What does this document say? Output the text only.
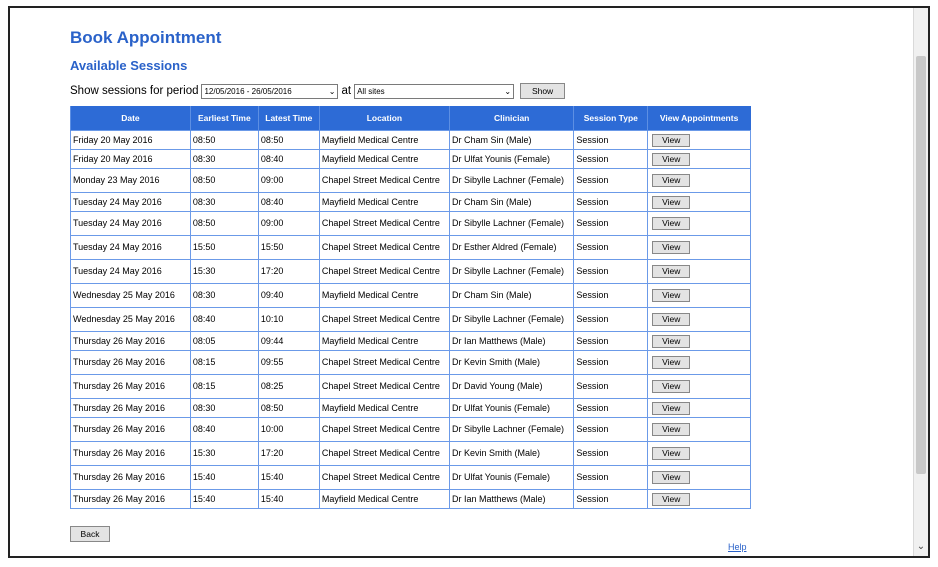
Book Appointment
Available Sessions
Show sessions for period 12/05/2016 - 26/05/2016	⌄ at All sites	⌄	Show
Date	Earliest Time	Latest Time	Location	Clinician	Session Type	View Appointments
Friday 20 May 2016	08:50	08:50	Mayfield Medical Centre	Dr Cham Sin (Male)	Session	View
Friday 20 May 2016	08:30	08:40	Mayfield Medical Centre	Dr Ulfat Younis (Female)	Session	View
Monday 23 May 2016	08:50	09:00	Chapel Street Medical Centre	Dr Sibylle Lachner (Female)	Session	View
Tuesday 24 May 2016	08:30	08:40	Mayfield Medical Centre	Dr Cham Sin (Male)	Session	View
Tuesday 24 May 2016	08:50	09:00	Chapel Street Medical Centre	Dr Sibylle Lachner (Female)	Session	View
Tuesday 24 May 2016	15:50	15:50	Chapel Street Medical Centre	Dr Esther Aldred (Female)	Session	View
Tuesday 24 May 2016	15:30	17:20	Chapel Street Medical Centre	Dr Sibylle Lachner (Female)	Session	View
Wednesday 25 May 2016	08:30	09:40	Mayfield Medical Centre	Dr Cham Sin (Male)	Session	View
Wednesday 25 May 2016	08:40	10:10	Chapel Street Medical Centre	Dr Sibylle Lachner (Female)	Session	View
Thursday 26 May 2016	08:05	09:44	Mayfield Medical Centre	Dr Ian Matthews (Male)	Session	View
Thursday 26 May 2016	08:15	09:55	Chapel Street Medical Centre	Dr Kevin Smith (Male)	Session	View
Thursday 26 May 2016	08:15	08:25	Chapel Street Medical Centre	Dr David Young (Male)	Session	View
Thursday 26 May 2016	08:30	08:50	Mayfield Medical Centre	Dr Ulfat Younis (Female)	Session	View
Thursday 26 May 2016	08:40	10:00	Chapel Street Medical Centre	Dr Sibylle Lachner (Female)	Session	View
Thursday 26 May 2016	15:30	17:20	Chapel Street Medical Centre	Dr Kevin Smith (Male)	Session	View
Thursday 26 May 2016	15:40	15:40	Chapel Street Medical Centre	Dr Ulfat Younis (Female)	Session	View
Thursday 26 May 2016	15:40	15:40	Mayfield Medical Centre	Dr Ian Matthews (Male)	Session	View
Back
Help	⌄
